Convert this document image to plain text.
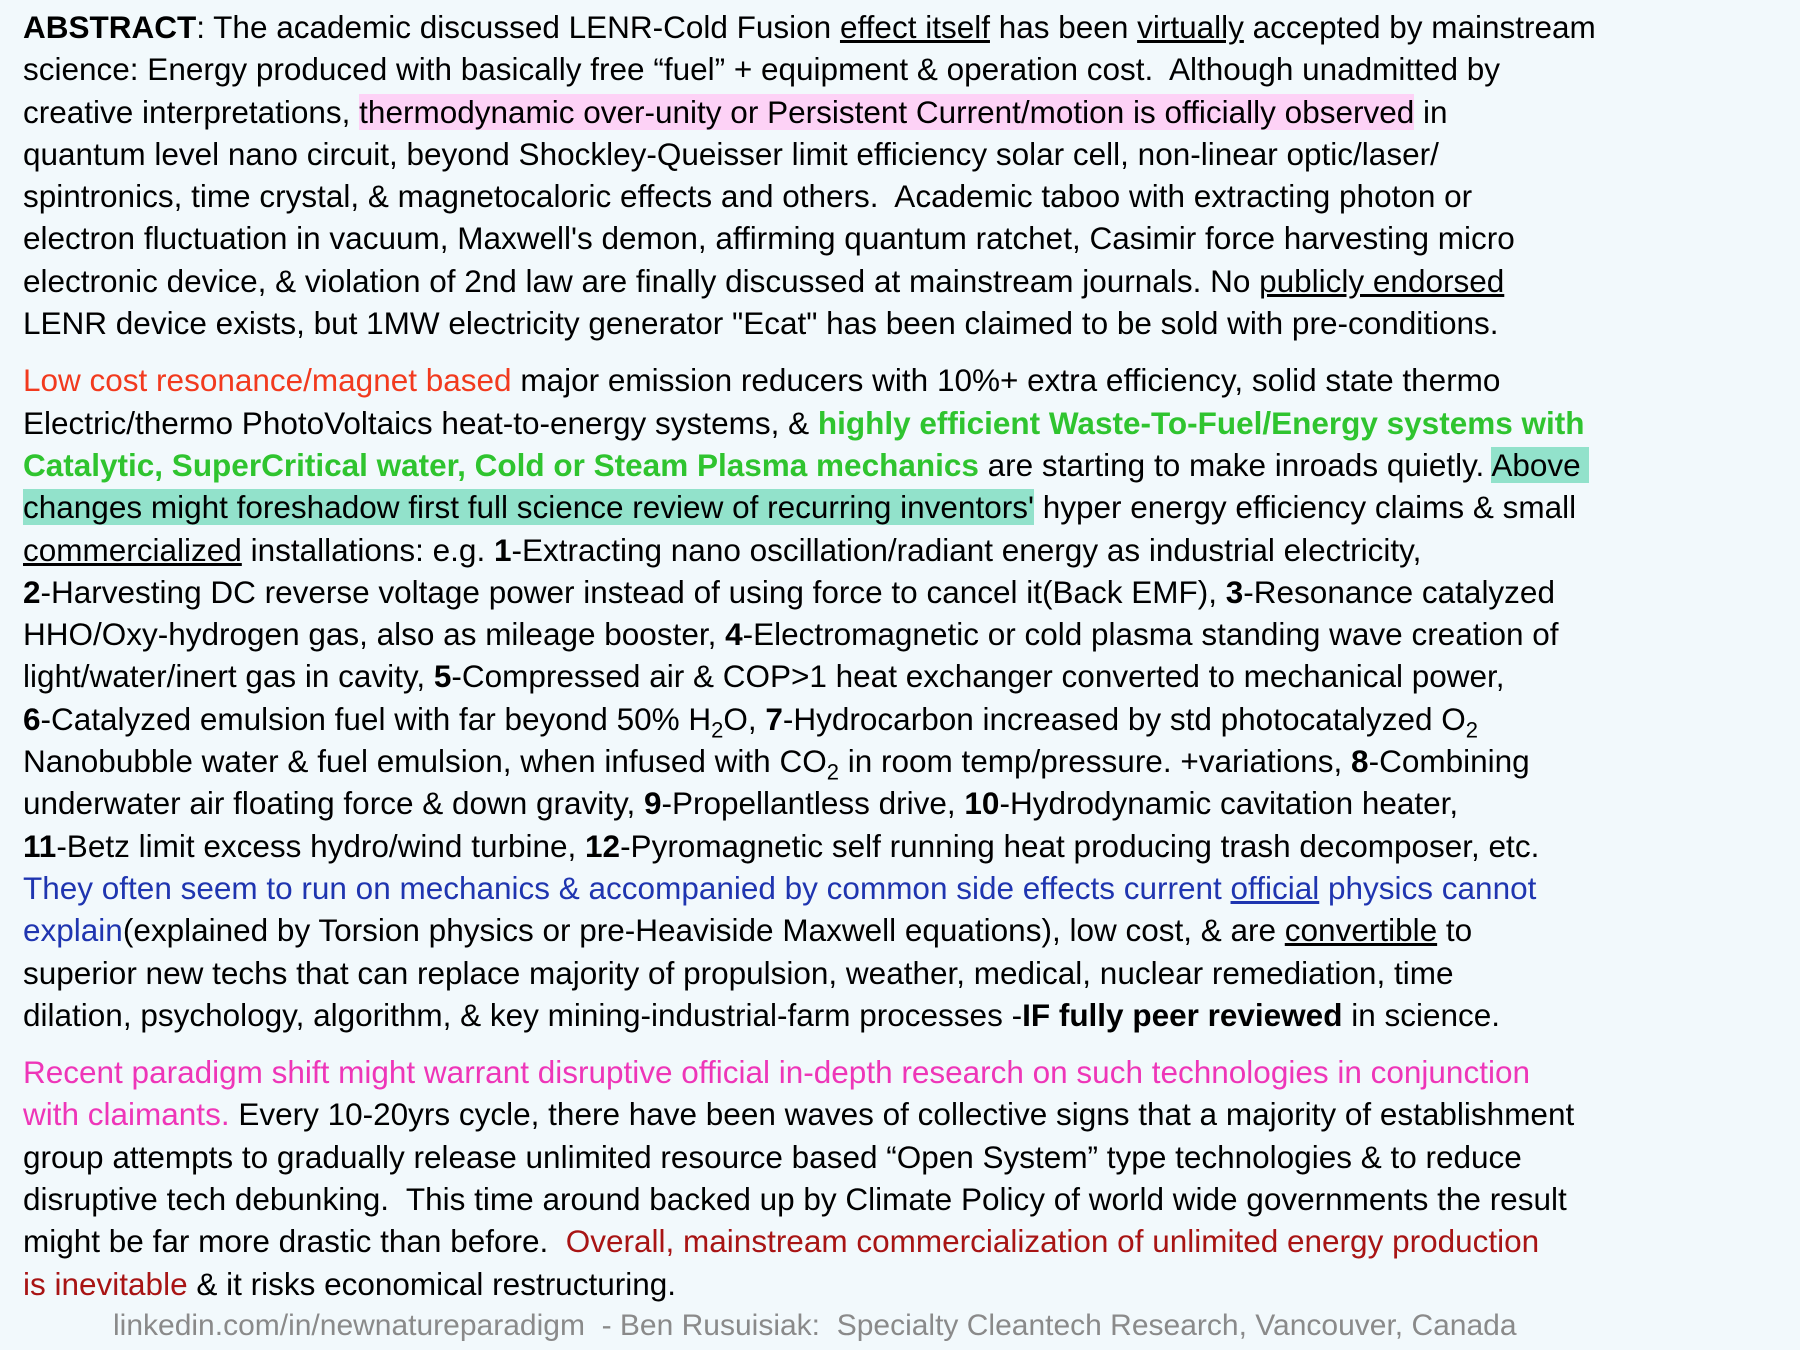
ABSTRACT: The academic discussed LENR-Cold Fusion effect itself has been virtually accepted by mainstream
science: Energy produced with basically free “fuel” + equipment & operation cost.  Although unadmitted by
creative interpretations, thermodynamic over-unity or Persistent Current/motion is officially observed in
quantum level nano circuit, beyond Shockley-Queisser limit efficiency solar cell, non-linear optic/laser/
spintronics, time crystal, & magnetocaloric effects and others.  Academic taboo with extracting photon or
electron fluctuation in vacuum, Maxwell's demon, affirming quantum ratchet, Casimir force harvesting micro
electronic device, & violation of 2nd law are finally discussed at mainstream journals. No publicly endorsed
LENR device exists, but 1MW electricity generator "Ecat" has been claimed to be sold with pre-conditions.
Low cost resonance/magnet based major emission reducers with 10%+ extra efficiency, solid state thermo
Electric/thermo PhotoVoltaics heat-to-energy systems, & highly efficient Waste-To-Fuel/Energy systems with
Catalytic, SuperCritical water, Cold or Steam Plasma mechanics are starting to make inroads quietly. Above
changes might foreshadow first full science review of recurring inventors' hyper energy efficiency claims & small
commercialized installations: e.g. 1-Extracting nano oscillation/radiant energy as industrial electricity,
2-Harvesting DC reverse voltage power instead of using force to cancel it(Back EMF), 3-Resonance catalyzed
HHO/Oxy-hydrogen gas, also as mileage booster, 4-Electromagnetic or cold plasma standing wave creation of
light/water/inert gas in cavity, 5-Compressed air & COP>1 heat exchanger converted to mechanical power,
6-Catalyzed emulsion fuel with far beyond 50% $H_2O$, 7-Hydrocarbon increased by std photocatalyzed $O_2$
Nanobubble water & fuel emulsion, when infused with $CO_2$ in room temp/pressure. +variations, 8-Combining
underwater air floating force & down gravity, 9-Propellantless drive, 10-Hydrodynamic cavitation heater,
11-Betz limit excess hydro/wind turbine, 12-Pyromagnetic self running heat producing trash decomposer, etc.
They often seem to run on mechanics & accompanied by common side effects current official physics cannot
explain(explained by Torsion physics or pre-Heaviside Maxwell equations), low cost, & are convertible to
superior new techs that can replace majority of propulsion, weather, medical, nuclear remediation, time
dilation, psychology, algorithm, & key mining-industrial-farm processes -IF fully peer reviewed in science.
Recent paradigm shift might warrant disruptive official in-depth research on such technologies in conjunction
with claimants. Every 10-20yrs cycle, there have been waves of collective signs that a majority of establishment
group attempts to gradually release unlimited resource based “Open System” type technologies & to reduce
disruptive tech debunking.  This time around backed up by Climate Policy of world wide governments the result
might be far more drastic than before.  Overall, mainstream commercialization of unlimited energy production
is inevitable & it risks economical restructuring.
linkedin.com/in/newnatureparadigm  - Ben Rusuisiak:  Specialty Cleantech Research, Vancouver, Canada
